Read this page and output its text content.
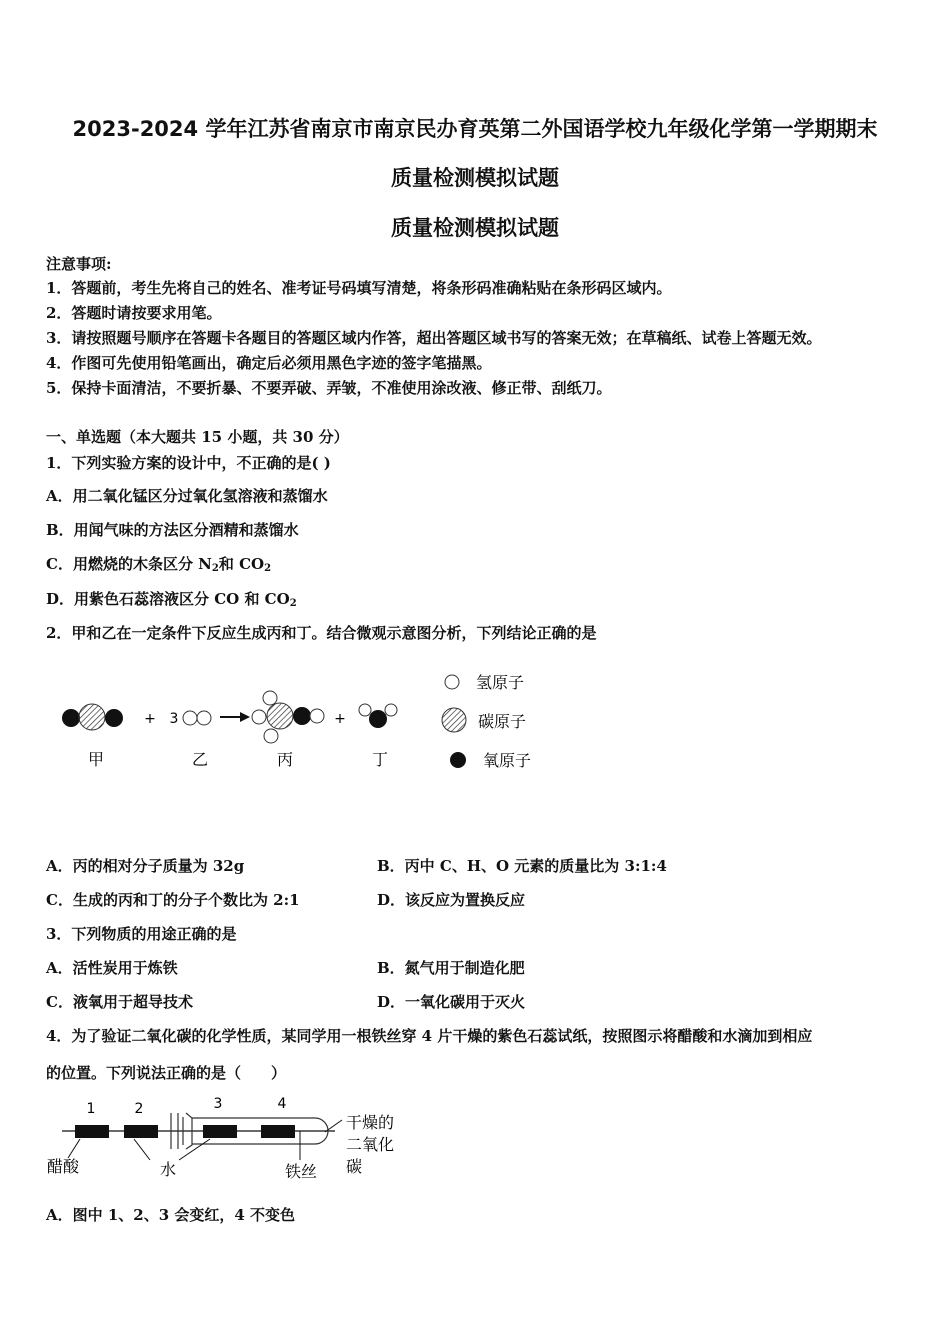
2023-2024 学年江苏省南京市南京民办育英第二外国语学校九年级化学第一学期期末
质量检测模拟试题
质量检测模拟试题
注意事项:
1．答题前，考生先将自己的姓名、准考证号码填写清楚，将条形码准确粘贴在条形码区域内。
2．答题时请按要求用笔。
3．请按照题号顺序在答题卡各题目的答题区域内作答，超出答题区域书写的答案无效；在草稿纸、试卷上答题无效。
4．作图可先使用铅笔画出，确定后必须用黑色字迹的签字笔描黑。
5．保持卡面清洁，不要折暴、不要弄破、弄皱，不准使用涂改液、修正带、刮纸刀。
一、单选题（本大题共 15 小题，共 30 分）
1．下列实验方案的设计中，不正确的是( )
A．用二氧化锰区分过氧化氢溶液和蒸馏水
B．用闻气味的方法区分酒精和蒸馏水
C．用燃烧的木条区分 $N_2$和 $CO_2$
D．用紫色石蕊溶液区分 CO 和 $CO_2$
2．甲和乙在一定条件下反应生成丙和丁。结合微观示意图分析，下列结论正确的是
+ 3	+
甲	乙	丙	丁
氢原子
碳原子
氧原子
A．丙的相对分子质量为 32g	B．丙中 C、H、O 元素的质量比为 3:1:4
C．生成的丙和丁的分子个数比为 2:1	D．该反应为置换反应
3．下列物质的用途正确的是
A．活性炭用于炼铁	B．氮气用于制造化肥
C．液氧用于超导技术	D．一氧化碳用于灭火
4．为了验证二氧化碳的化学性质，某同学用一根铁丝穿 4 片干燥的紫色石蕊试纸，按照图示将醋酸和水滴加到相应
的位置。下列说法正确的是（　　）
1	2	3	4
醋酸	水	铁丝
干燥的
二氧化
碳
A．图中 1、2、3 会变红，4 不变色
